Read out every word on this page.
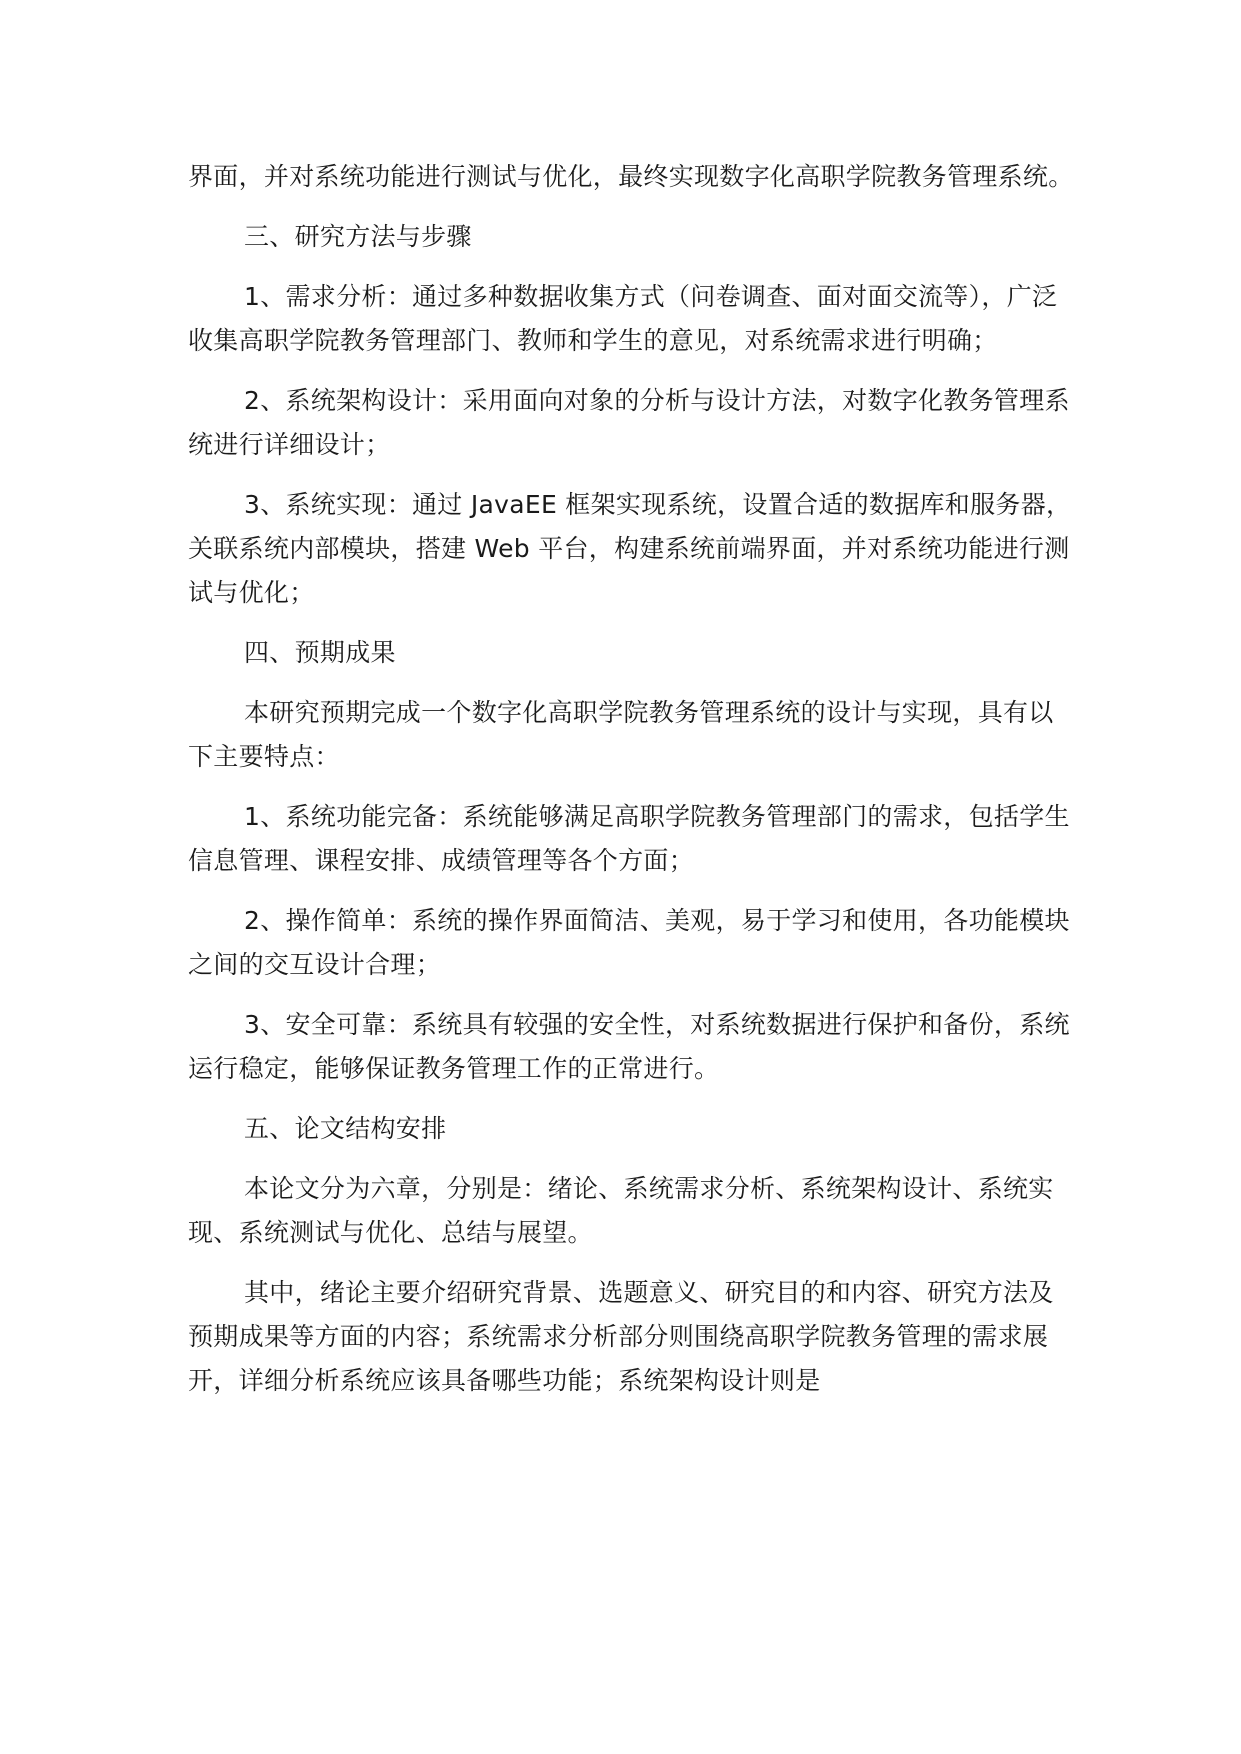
界面，并对系统功能进行测试与优化，最终实现数字化高职学院教务管理系统。

三、研究方法与步骤

1、需求分析：通过多种数据收集方式（问卷调查、面对面交流等），广泛收集高职学院教务管理部门、教师和学生的意见，对系统需求进行明确；

2、系统架构设计：采用面向对象的分析与设计方法，对数字化教务管理系统进行详细设计；

3、系统实现：通过 JavaEE 框架实现系统，设置合适的数据库和服务器，关联系统内部模块，搭建 Web 平台，构建系统前端界面，并对系统功能进行测试与优化；

四、预期成果

本研究预期完成一个数字化高职学院教务管理系统的设计与实现，具有以下主要特点：

1、系统功能完备：系统能够满足高职学院教务管理部门的需求，包括学生信息管理、课程安排、成绩管理等各个方面；

2、操作简单：系统的操作界面简洁、美观，易于学习和使用，各功能模块之间的交互设计合理；

3、安全可靠：系统具有较强的安全性，对系统数据进行保护和备份，系统运行稳定，能够保证教务管理工作的正常进行。

五、论文结构安排

本论文分为六章，分别是：绪论、系统需求分析、系统架构设计、系统实现、系统测试与优化、总结与展望。

其中，绪论主要介绍研究背景、选题意义、研究目的和内容、研究方法及预期成果等方面的内容；系统需求分析部分则围绕高职学院教务管理的需求展开，详细分析系统应该具备哪些功能；系统架构设计则是
